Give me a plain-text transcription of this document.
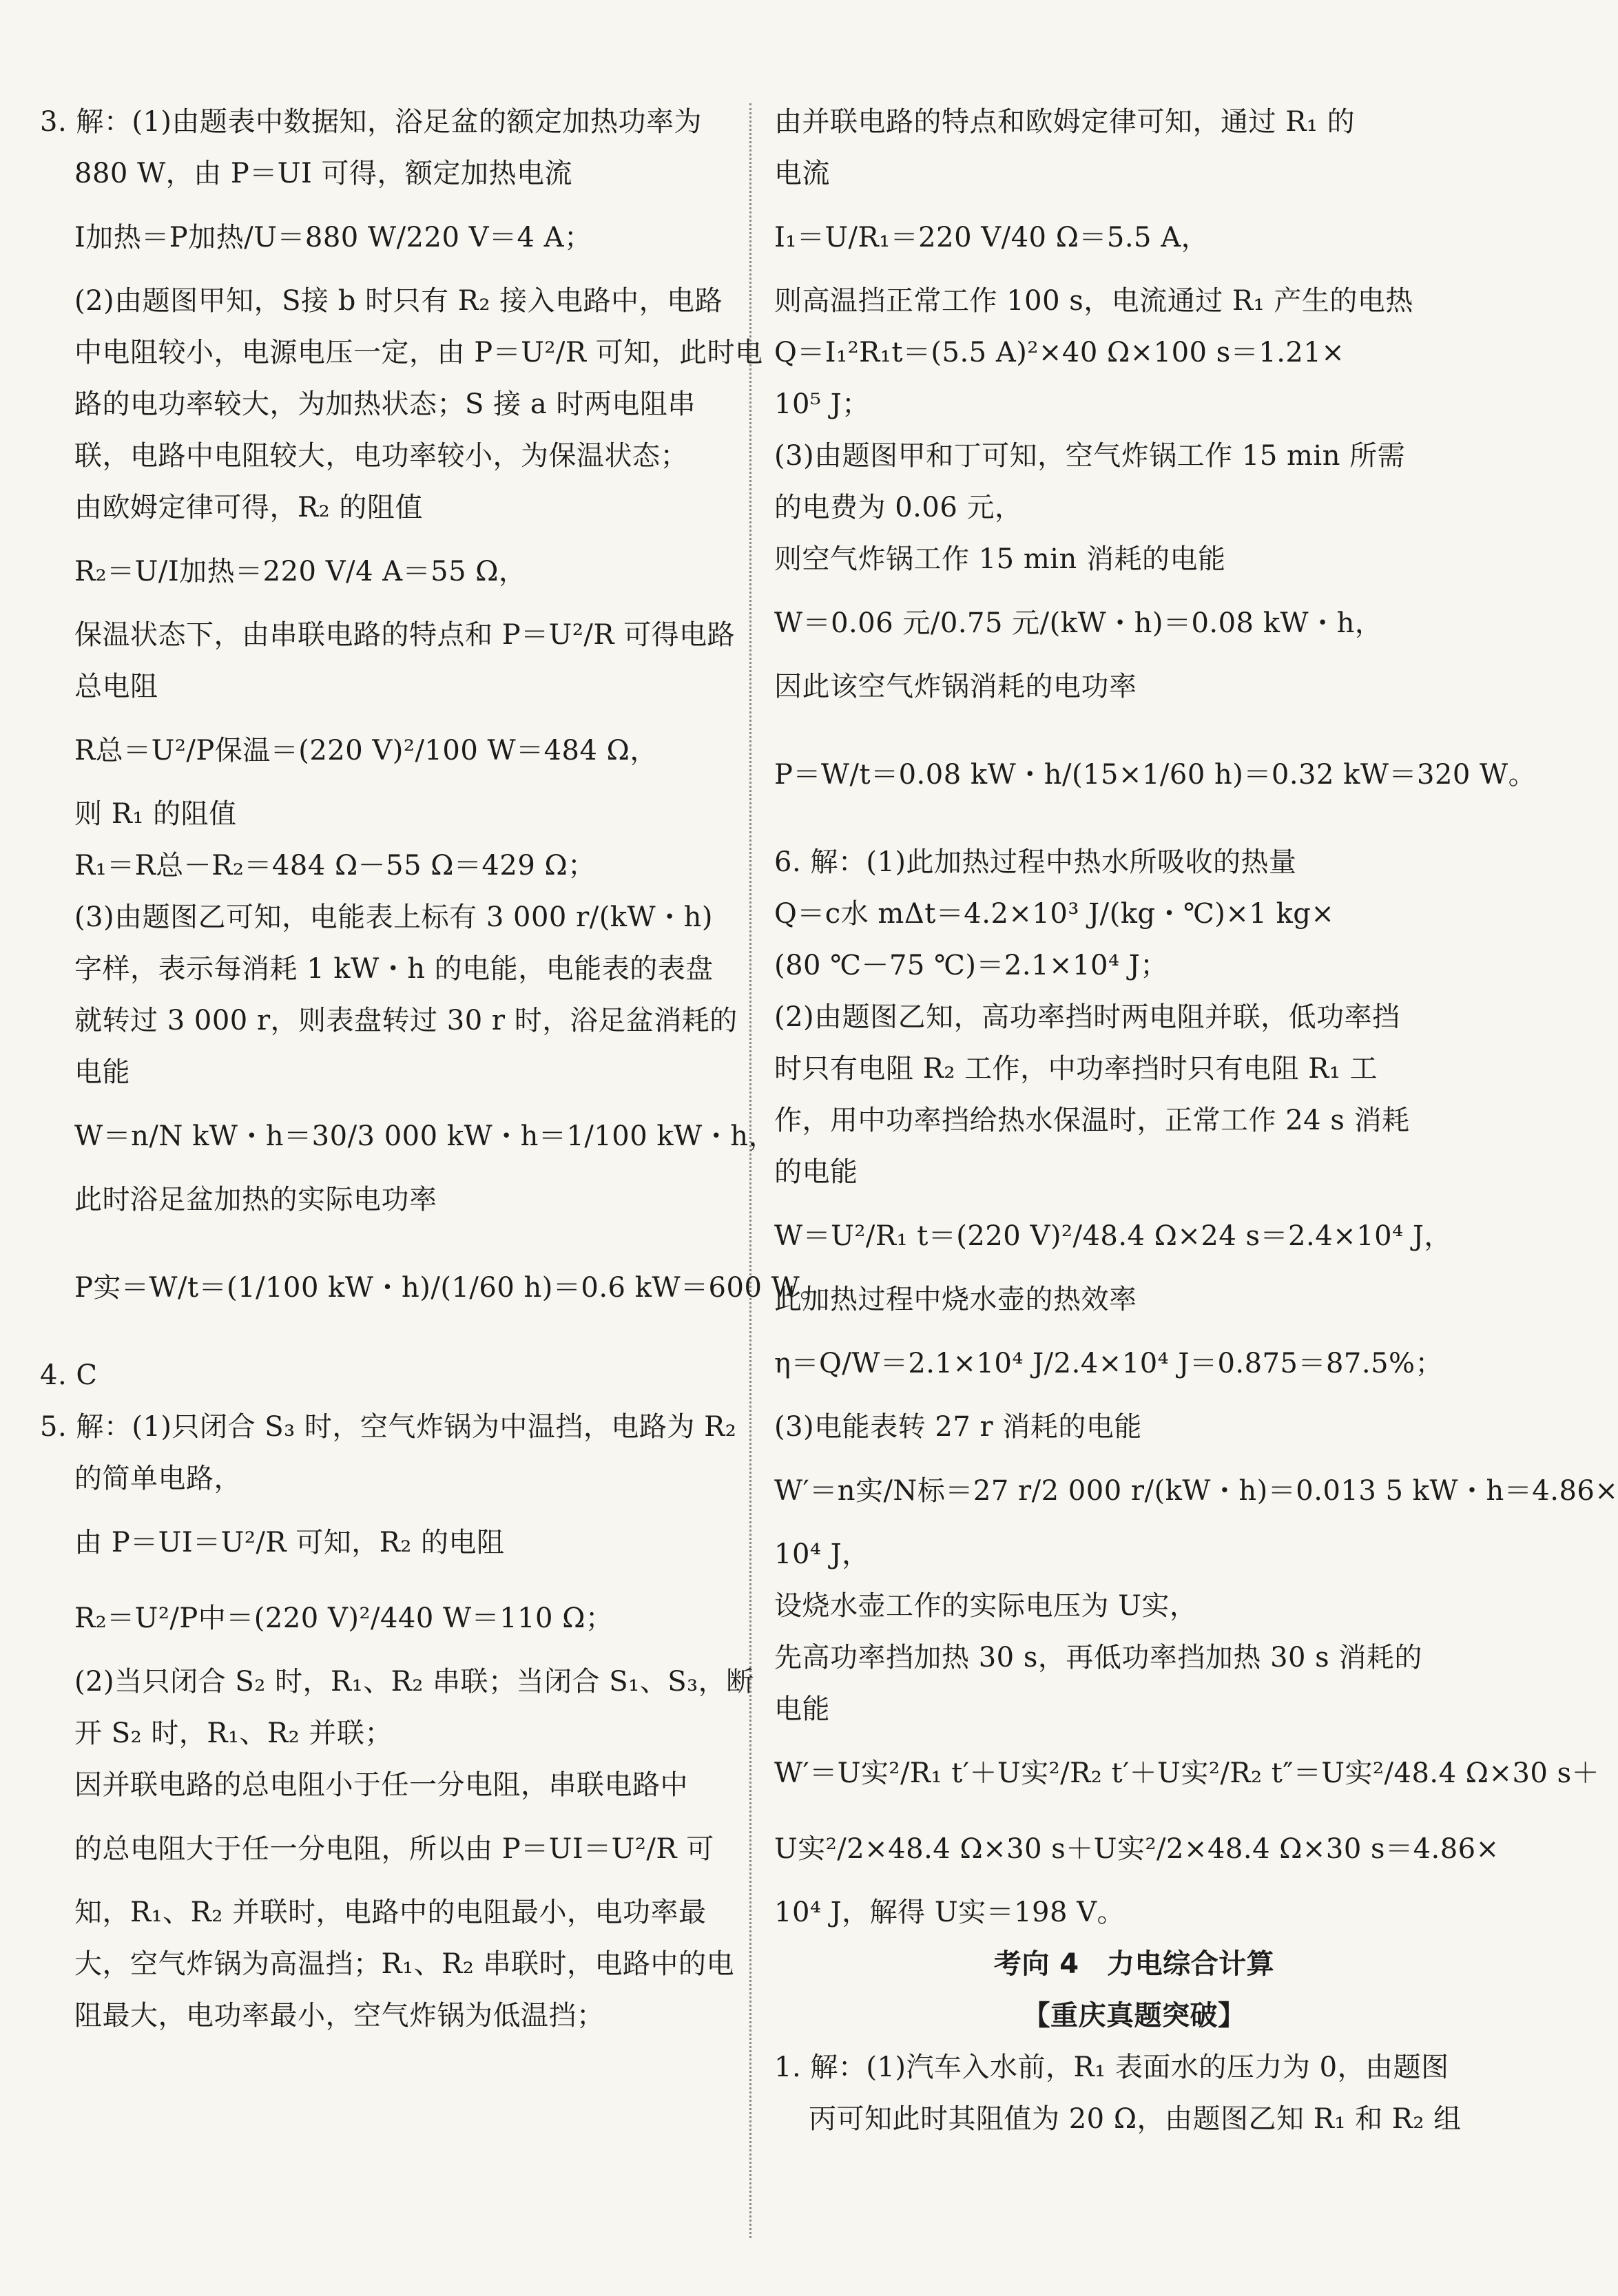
3. 解：(1)由题表中数据知，浴足盆的额定加热功率为
880 W，由 P＝UI 可得，额定加热电流
I加热＝P加热/U＝880 W/220 V＝4 A；
(2)由题图甲知，S接 b 时只有 R₂ 接入电路中，电路
中电阻较小，电源电压一定，由 P＝U²/R 可知，此时电
路的电功率较大，为加热状态；S 接 a 时两电阻串
联，电路中电阻较大，电功率较小，为保温状态；
由欧姆定律可得，R₂ 的阻值
R₂＝U/I加热＝220 V/4 A＝55 Ω，
保温状态下，由串联电路的特点和 P＝U²/R 可得电路
总电阻
R总＝U²/P保温＝(220 V)²/100 W＝484 Ω，
则 R₁ 的阻值
R₁＝R总－R₂＝484 Ω－55 Ω＝429 Ω；
(3)由题图乙可知，电能表上标有 3 000 r/(kW・h)
字样，表示每消耗 1 kW・h 的电能，电能表的表盘
就转过 3 000 r，则表盘转过 30 r 时，浴足盆消耗的
电能
W＝n/N kW・h＝30/3 000 kW・h＝1/100 kW・h，
此时浴足盆加热的实际电功率
P实＝W/t＝(1/100 kW・h)/(1/60 h)＝0.6 kW＝600 W。
4. C
5. 解：(1)只闭合 S₃ 时，空气炸锅为中温挡，电路为 R₂
的简单电路，
由 P＝UI＝U²/R 可知，R₂ 的电阻
R₂＝U²/P中＝(220 V)²/440 W＝110 Ω；
(2)当只闭合 S₂ 时，R₁、R₂ 串联；当闭合 S₁、S₃，断
开 S₂ 时，R₁、R₂ 并联；
因并联电路的总电阻小于任一分电阻，串联电路中
的总电阻大于任一分电阻，所以由 P＝UI＝U²/R 可
知，R₁、R₂ 并联时，电路中的电阻最小，电功率最
大，空气炸锅为高温挡；R₁、R₂ 串联时，电路中的电
阻最大，电功率最小，空气炸锅为低温挡；
由并联电路的特点和欧姆定律可知，通过 R₁ 的
电流
I₁＝U/R₁＝220 V/40 Ω＝5.5 A，
则高温挡正常工作 100 s，电流通过 R₁ 产生的电热
Q＝I₁²R₁t＝(5.5 A)²×40 Ω×100 s＝1.21×
10⁵ J；
(3)由题图甲和丁可知，空气炸锅工作 15 min 所需
的电费为 0.06 元，
则空气炸锅工作 15 min 消耗的电能
W＝0.06 元/0.75 元/(kW・h)＝0.08 kW・h，
因此该空气炸锅消耗的电功率
P＝W/t＝0.08 kW・h/(15×1/60 h)＝0.32 kW＝320 W。
6. 解：(1)此加热过程中热水所吸收的热量
Q＝c水 mΔt＝4.2×10³ J/(kg・℃)×1 kg×
(80 ℃－75 ℃)＝2.1×10⁴ J；
(2)由题图乙知，高功率挡时两电阻并联，低功率挡
时只有电阻 R₂ 工作，中功率挡时只有电阻 R₁ 工
作，用中功率挡给热水保温时，正常工作 24 s 消耗
的电能
W＝U²/R₁ t＝(220 V)²/48.4 Ω×24 s＝2.4×10⁴ J，
此加热过程中烧水壶的热效率
η＝Q/W＝2.1×10⁴ J/2.4×10⁴ J＝0.875＝87.5%；
(3)电能表转 27 r 消耗的电能
W′＝n实/N标＝27 r/2 000 r/(kW・h)＝0.013 5 kW・h＝4.86×
10⁴ J，
设烧水壶工作的实际电压为 U实，
先高功率挡加热 30 s，再低功率挡加热 30 s 消耗的
电能
W′＝U实²/R₁ t′＋U实²/R₂ t′＋U实²/R₂ t″＝U实²/48.4 Ω×30 s＋
U实²/2×48.4 Ω×30 s＋U实²/2×48.4 Ω×30 s＝4.86×
10⁴ J，解得 U实＝198 V。
考向 4　力电综合计算
【重庆真题突破】
1. 解：(1)汽车入水前，R₁ 表面水的压力为 0，由题图
丙可知此时其阻值为 20 Ω，由题图乙知 R₁ 和 R₂ 组
